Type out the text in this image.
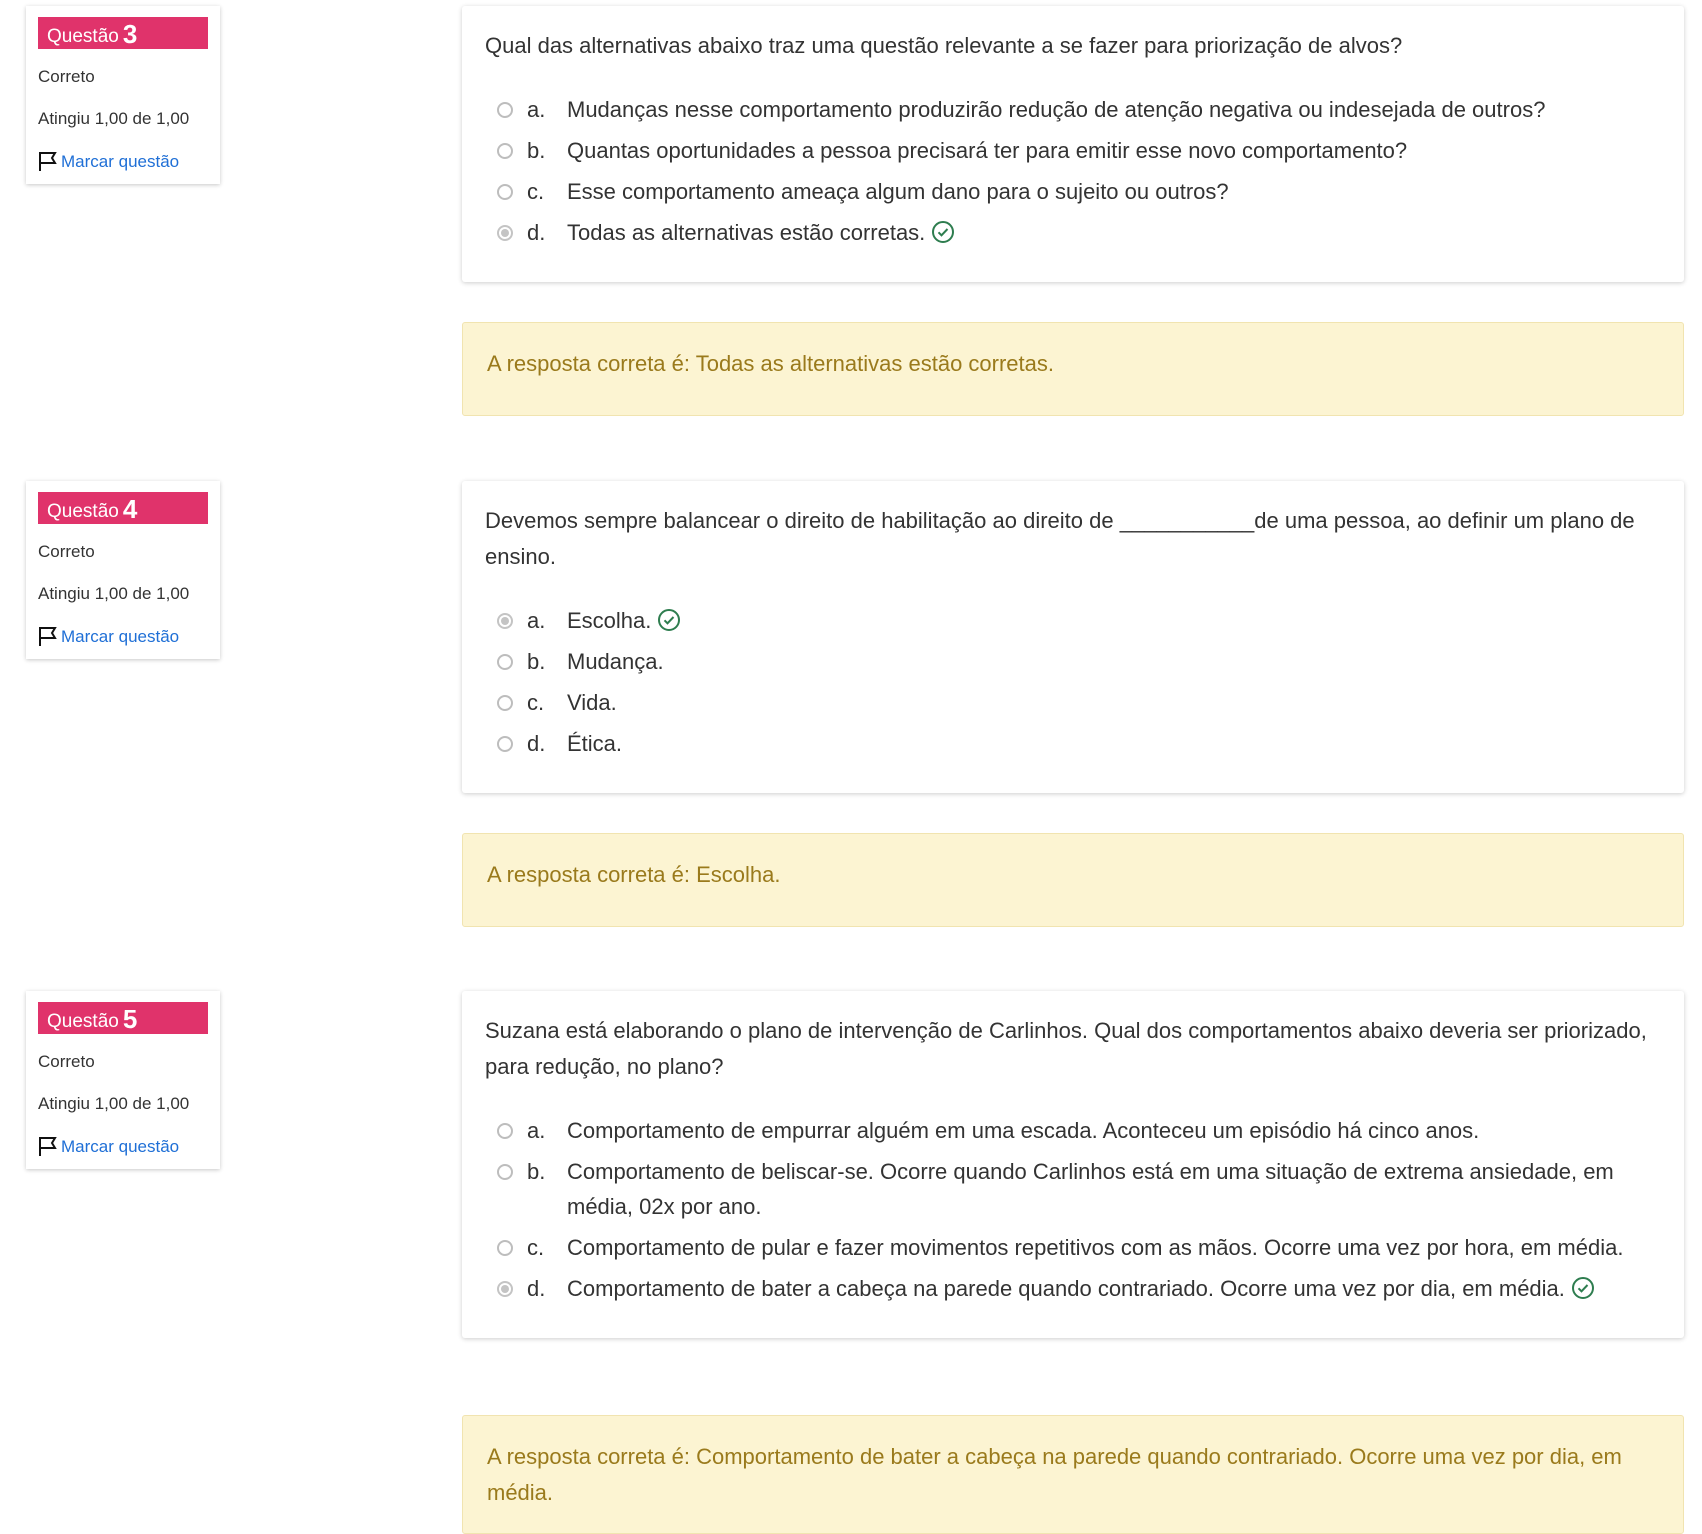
Questão 3
Correto
Atingiu 1,00 de 1,00
Marcar questão
Qual das alternativas abaixo traz uma questão relevante a se fazer para priorização de alvos?
a. Mudanças nesse comportamento produzirão redução de atenção negativa ou indesejada de outros?
b. Quantas oportunidades a pessoa precisará ter para emitir esse novo comportamento?
c.	Esse comportamento ameaça algum dano para o sujeito ou outros?
d. Todas as alternativas estão corretas.
A resposta correta é: Todas as alternativas estão corretas.
Questão 4
Correto
Atingiu 1,00 de 1,00
Marcar questão
Devemos sempre balancear o direito de habilitação ao direito de ___________de uma pessoa, ao definir um plano de ensino.
a. Escolha.
b. Mudança.
c.	Vida.
d. Ética.
A resposta correta é: Escolha.
Questão 5
Correto
Atingiu 1,00 de 1,00
Marcar questão
Suzana está elaborando o plano de intervenção de Carlinhos. Qual dos comportamentos abaixo deveria ser priorizado, para redução, no plano?
a. Comportamento de empurrar alguém em uma escada. Aconteceu um episódio há cinco anos.
b. Comportamento de beliscar-se. Ocorre quando Carlinhos está em uma situação de extrema ansiedade, em média, 02x por ano.
c.	Comportamento de pular e fazer movimentos repetitivos com as mãos. Ocorre uma vez por hora, em média.
d. Comportamento de bater a cabeça na parede quando contrariado. Ocorre uma vez por dia, em média.
A resposta correta é: Comportamento de bater a cabeça na parede quando contrariado. Ocorre uma vez por dia, em média.
